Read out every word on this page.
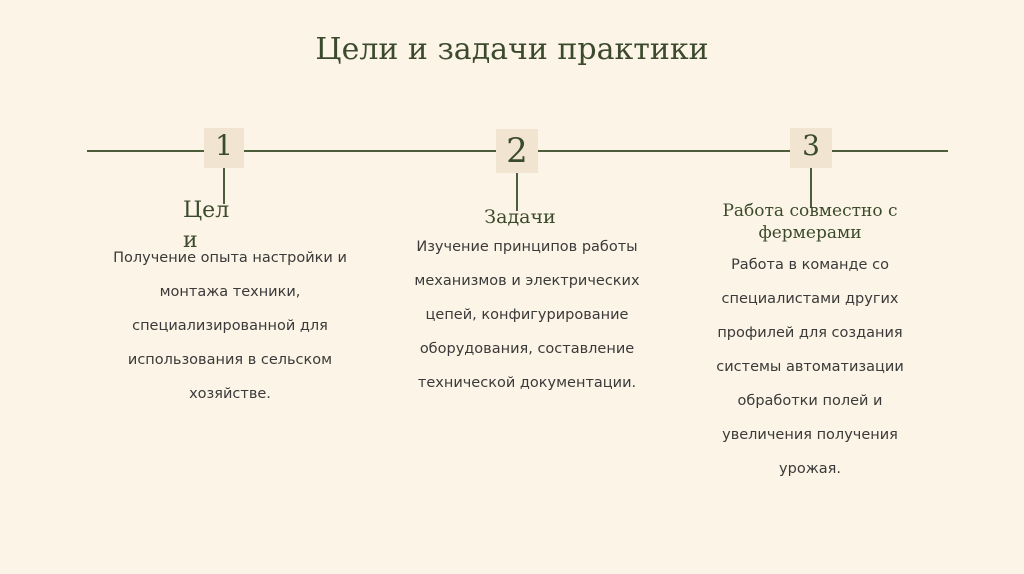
Цели и задачи практики
1	2	3
Цели
Задачи	Работа совместно с фермерами

Получение опыта настройки и монтажа техники, специализированной для использования в сельском хозяйстве.

Изучение принципов работы механизмов и электрических цепей, конфигурирование оборудования, составление технической документации.

Работа в команде со специалистами других профилей для создания системы автоматизации обработки полей и увеличения получения урожая.
